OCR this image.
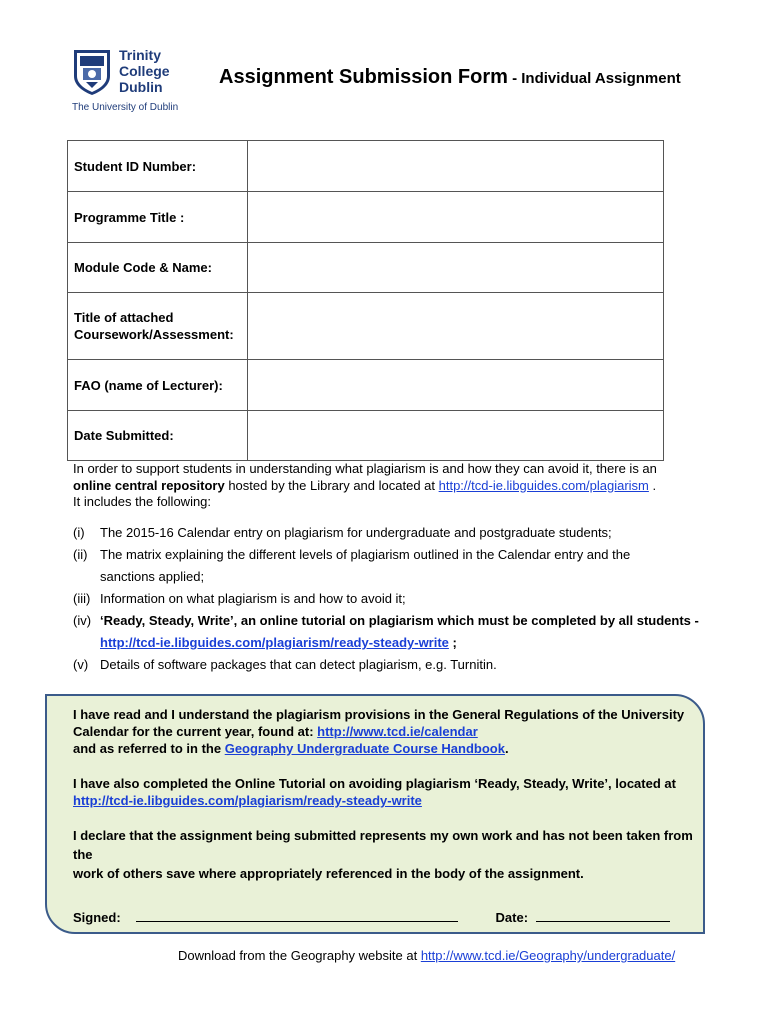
Trinity
College
Dublin
The University of Dublin
Assignment Submission Form - Individual Assignment
Student ID Number:	
Programme Title :	
Module Code & Name:	
Title of attached Coursework/Assessment:	
FAO (name of Lecturer):	
Date Submitted:	
In order to support students in understanding what plagiarism is and how they can avoid it, there is an
online central repository hosted by the Library and located at http://tcd-ie.libguides.com/plagiarism .
It includes the following:
(i) The 2015-16 Calendar entry on plagiarism for undergraduate and postgraduate students;
(ii) The matrix explaining the different levels of plagiarism outlined in the Calendar entry and the
sanctions applied;
(iii) Information on what plagiarism is and how to avoid it;
(iv) ‘Ready, Steady, Write’, an online tutorial on plagiarism which must be completed by all students -
http://tcd-ie.libguides.com/plagiarism/ready-steady-write ;
(v) Details of software packages that can detect plagiarism, e.g. Turnitin.
I have read and I understand the plagiarism provisions in the General Regulations of the University
Calendar for the current year, found at: http://www.tcd.ie/calendar
and as referred to in the Geography Undergraduate Course Handbook.
I have also completed the Online Tutorial on avoiding plagiarism ‘Ready, Steady, Write’, located at
http://tcd-ie.libguides.com/plagiarism/ready-steady-write
I declare that the assignment being submitted represents my own work and has not been taken from the
work of others save where appropriately referenced in the body of the assignment.
Signed:	Date:
Download from the Geography website at http://www.tcd.ie/Geography/undergraduate/
